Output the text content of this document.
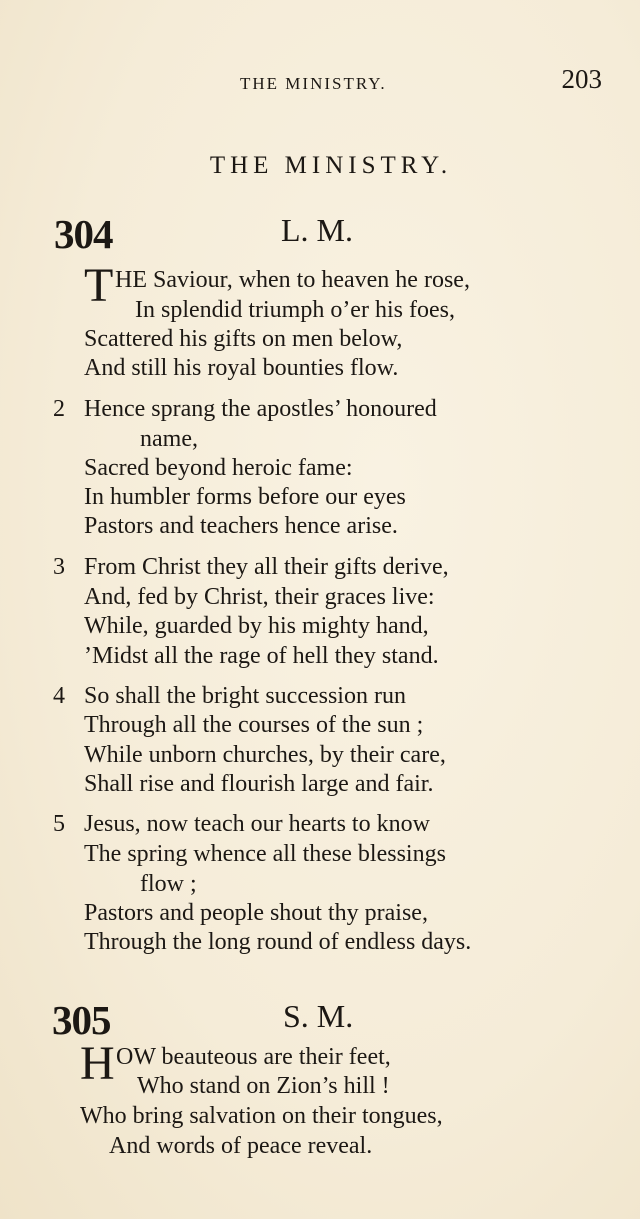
THE MINISTRY.	203
THE MINISTRY.
304	L. M.
T HE Saviour, when to heaven he rose,
In splendid triumph o’er his foes,
Scattered his gifts on men below,
And still his royal bounties flow.
2 Hence sprang the apostles’ honoured
name,
Sacred beyond heroic fame:
In humbler forms before our eyes
Pastors and teachers hence arise.
3 From Christ they all their gifts derive,
And, fed by Christ, their graces live:
While, guarded by his mighty hand,
’Midst all the rage of hell they stand.
4 So shall the bright succession run
Through all the courses of the sun ;
While unborn churches, by their care,
Shall rise and flourish large and fair.
5 Jesus, now teach our hearts to know
The spring whence all these blessings
flow ;
Pastors and people shout thy praise,
Through the long round of endless days.
305	S. M.
H OW beauteous are their feet,
Who stand on Zion’s hill !
Who bring salvation on their tongues,
And words of peace reveal.
